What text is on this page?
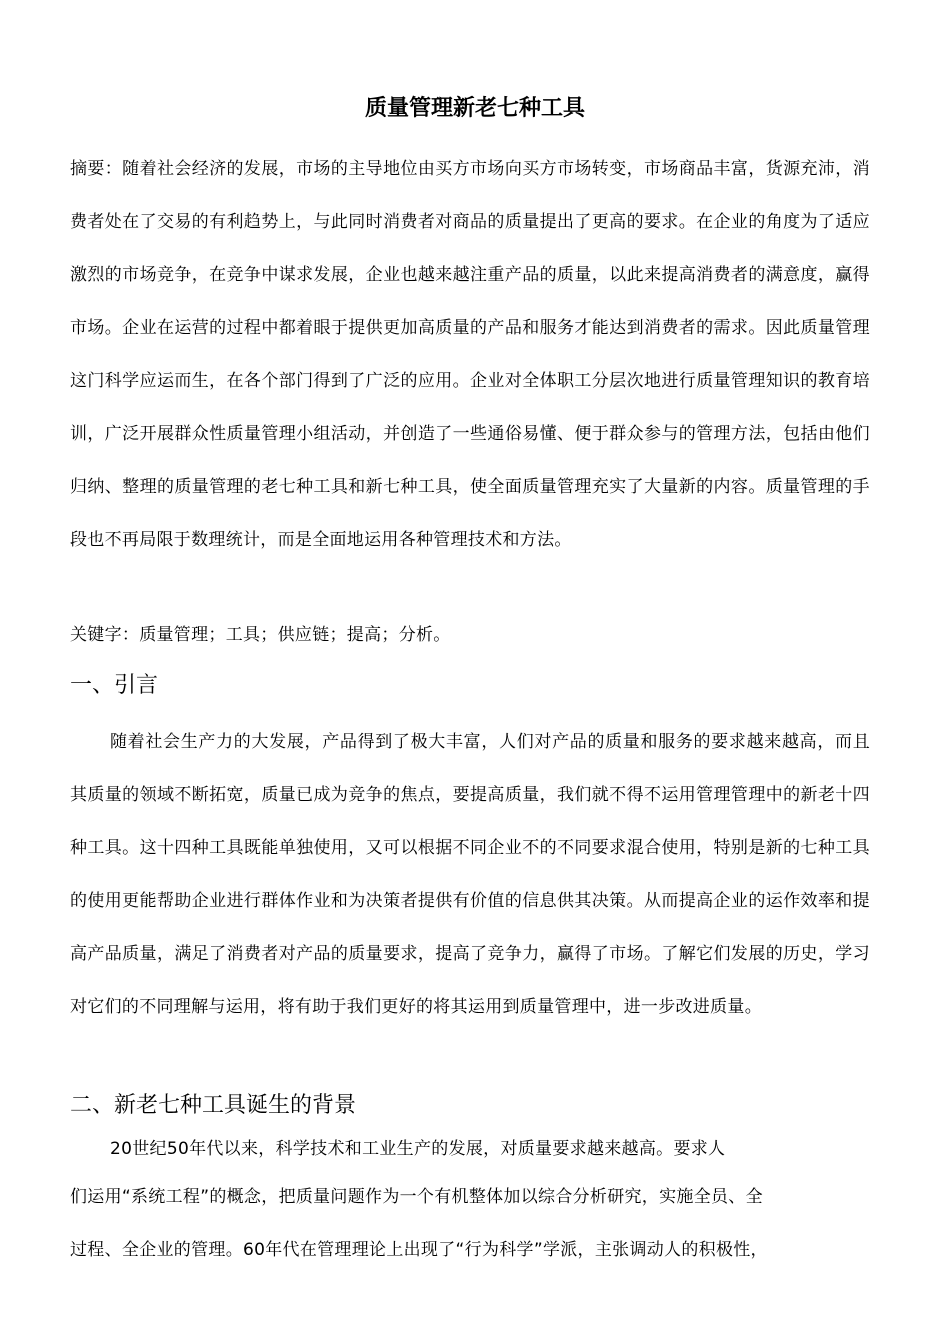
质量管理新老七种工具

摘要：随着社会经济的发展，市场的主导地位由买方市场向买方市场转变，市场商品丰富，货源充沛，消费者处在了交易的有利趋势上，与此同时消费者对商品的质量提出了更高的要求。在企业的角度为了适应激烈的市场竞争，在竞争中谋求发展，企业也越来越注重产品的质量，以此来提高消费者的满意度，赢得市场。企业在运营的过程中都着眼于提供更加高质量的产品和服务才能达到消费者的需求。因此质量管理这门科学应运而生，在各个部门得到了广泛的应用。企业对全体职工分层次地进行质量管理知识的教育培训，广泛开展群众性质量管理小组活动，并创造了一些通俗易懂、便于群众参与的管理方法，包括由他们归纳、整理的质量管理的老七种工具和新七种工具，使全面质量管理充实了大量新的内容。质量管理的手段也不再局限于数理统计，而是全面地运用各种管理技术和方法。

关键字：质量管理；工具；供应链；提高；分析。

一、引言

随着社会生产力的大发展，产品得到了极大丰富，人们对产品的质量和服务的要求越来越高，而且其质量的领域不断拓宽，质量已成为竞争的焦点，要提高质量，我们就不得不运用管理管理中的新老十四种工具。这十四种工具既能单独使用，又可以根据不同企业不的不同要求混合使用，特别是新的七种工具的使用更能帮助企业进行群体作业和为决策者提供有价值的信息供其决策。从而提高企业的运作效率和提高产品质量，满足了消费者对产品的质量要求，提高了竞争力，赢得了市场。了解它们发展的历史，学习对它们的不同理解与运用，将有助于我们更好的将其运用到质量管理中，进一步改进质量。

二、新老七种工具诞生的背景

20世纪50年代以来，科学技术和工业生产的发展，对质量要求越来越高。要求人

们运用“系统工程”的概念，把质量问题作为一个有机整体加以综合分析研究，实施全员、全

过程、全企业的管理。60年代在管理理论上出现了“行为科学”学派，主张调动人的积极性，
